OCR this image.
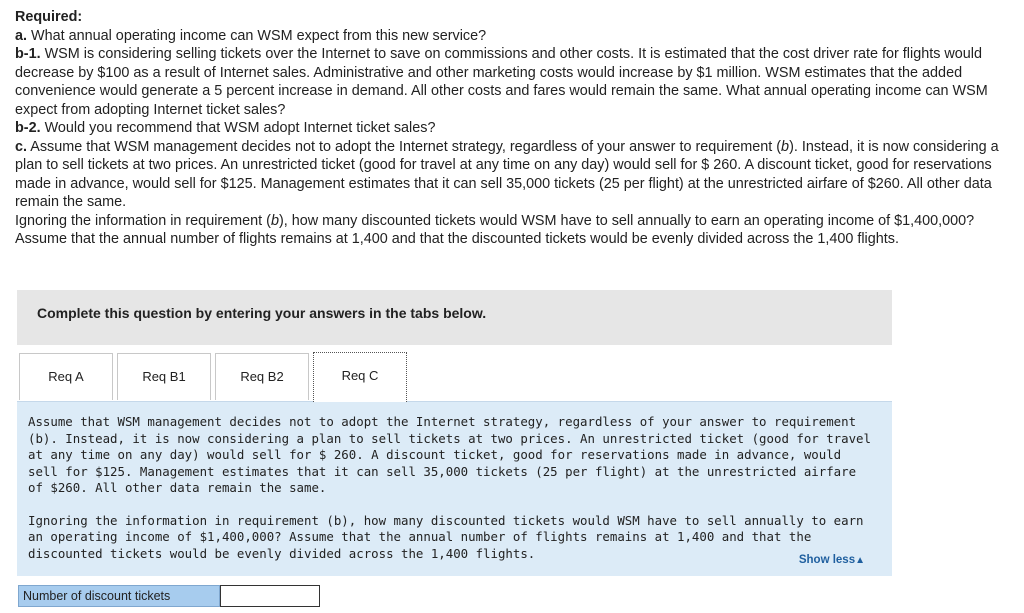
Required:

a. What annual operating income can WSM expect from this new service?

b-1. WSM is considering selling tickets over the Internet to save on commissions and other costs. It is estimated that the cost driver rate for flights would decrease by $100 as a result of Internet sales. Administrative and other marketing costs would increase by $1 million. WSM estimates that the added convenience would generate a 5 percent increase in demand. All other costs and fares would remain the same. What annual operating income can WSM expect from adopting Internet ticket sales?

b-2. Would you recommend that WSM adopt Internet ticket sales?

c. Assume that WSM management decides not to adopt the Internet strategy, regardless of your answer to requirement (b). Instead, it is now considering a plan to sell tickets at two prices. An unrestricted ticket (good for travel at any time on any day) would sell for $ 260. A discount ticket, good for reservations made in advance, would sell for $125. Management estimates that it can sell 35,000 tickets (25 per flight) at the unrestricted airfare of $260. All other data remain the same.

Ignoring the information in requirement (b), how many discounted tickets would WSM have to sell annually to earn an operating income of $1,400,000? Assume that the annual number of flights remains at 1,400 and that the discounted tickets would be evenly divided across the 1,400 flights.

Complete this question by entering your answers in the tabs below.
Req A	Req B1	Req B2	Req C

Assume that WSM management decides not to adopt the Internet strategy, regardless of your answer to requirement (b). Instead, it is now considering a plan to sell tickets at two prices. An unrestricted ticket (good for travel at any time on any day) would sell for $ 260. A discount ticket, good for reservations made in advance, would sell for $125. Management estimates that it can sell 35,000 tickets (25 per flight) at the unrestricted airfare of $260. All other data remain the same.

Ignoring the information in requirement (b), how many discounted tickets would WSM have to sell annually to earn an operating income of $1,400,000? Assume that the annual number of flights remains at 1,400 and that the discounted tickets would be evenly divided across the 1,400 flights.	Show less▲
Number of discount tickets
